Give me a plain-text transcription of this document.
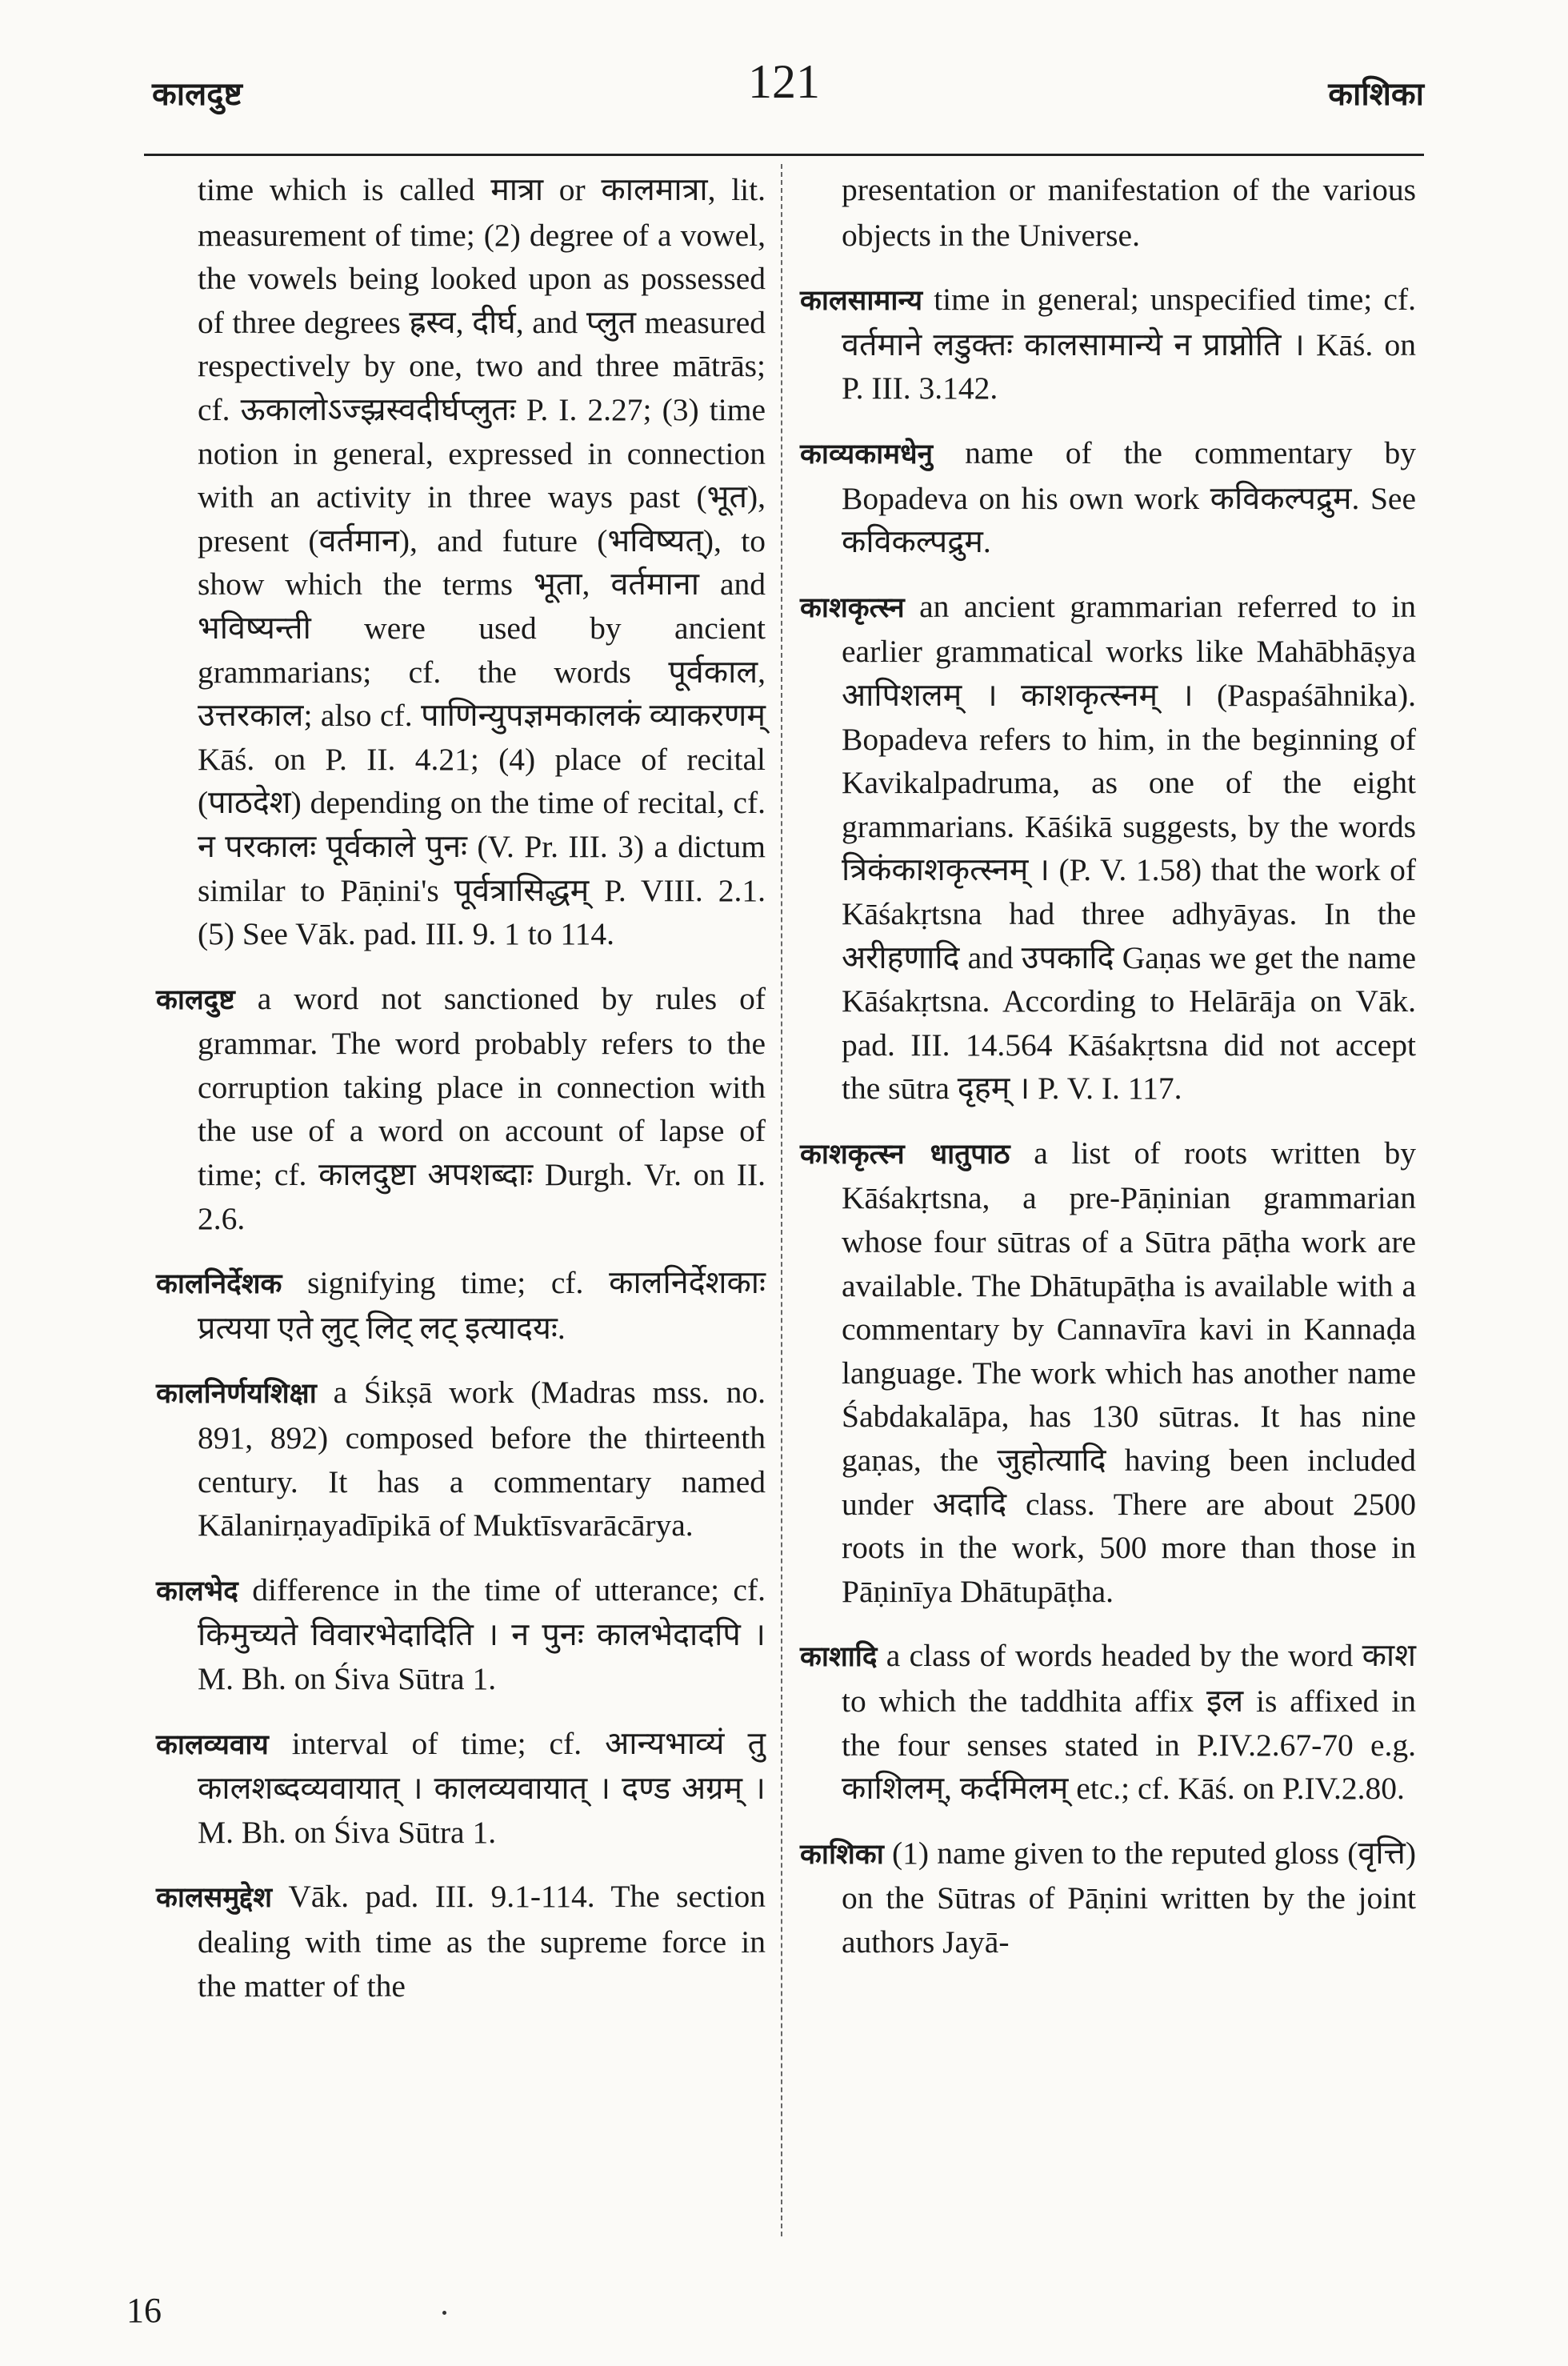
कालदुष्ट	121	काशिका

time which is called मात्रा or कालमात्रा, lit. measurement of time; (2) degree of a vowel, the vowels being looked upon as possessed of three degrees ह्रस्व, दीर्घ, and प्लुत measured respectively by one, two and three mātrās; cf. ऊकालोऽज्झ्रस्वदीर्घप्लुतः P. I. 2.27; (3) time notion in general, expressed in connection with an activity in three ways past (भूत), present (वर्तमान), and future (भविष्यत्), to show which the terms भूता, वर्तमाना and भविष्यन्ती were used by ancient grammarians; cf. the words पूर्वकाल, उत्तरकाल; also cf. पाणिन्युपज्ञमकालकं व्याकरणम् Kāś. on P. II. 4.21; (4) place of recital (पाठदेश) depending on the time of recital, cf. न परकालः पूर्वकाले पुनः (V. Pr. III. 3) a dictum similar to Pāṇini's पूर्वत्रासिद्धम् P. VIII. 2.1. (5) See Vāk. pad. III. 9. 1 to 114.

कालदुष्ट a word not sanctioned by rules of grammar. The word probably refers to the corruption taking place in connection with the use of a word on account of lapse of time; cf. कालदुष्टा अपशब्दाः Durgh. Vr. on II. 2.6.

कालनिर्देशक signifying time; cf. कालनिर्देशकाः प्रत्यया एते लुट् लिट् लट् इत्यादयः.

कालनिर्णयशिक्षा a Śikṣā work (Madras mss. no. 891, 892) composed before the thirteenth century. It has a commentary named Kālanirṇayadīpikā of Muktīsvarācārya.

कालभेद difference in the time of utterance; cf. किमुच्यते विवारभेदादिति । न पुनः कालभेदादपि । M. Bh. on Śiva Sūtra 1.

कालव्यवाय interval of time; cf. आन्यभाव्यं तु कालशब्दव्यवायात् । कालव्यवायात् । दण्ड अग्रम् । M. Bh. on Śiva Sūtra 1.

कालसमुद्देश Vāk. pad. III. 9.1-114. The section dealing with time as the supreme force in the matter of the

presentation or manifestation of the various objects in the Universe.

कालसामान्य time in general; unspecified time; cf. वर्तमाने लडुक्तः कालसामान्ये न प्राप्नोति । Kāś. on P. III. 3.142.

काव्यकामधेनु name of the commentary by Bopadeva on his own work कविकल्पद्रुम. See कविकल्पद्रुम.

काशकृत्स्न an ancient grammarian referred to in earlier grammatical works like Mahābhāṣya आपिशलम् । काशकृत्स्नम् । (Paspaśāhnika). Bopadeva refers to him, in the beginning of Kavikalpadruma, as one of the eight grammarians. Kāśikā suggests, by the words त्रिकंकाशकृत्स्नम् । (P. V. 1.58) that the work of Kāśakṛtsna had three adhyāyas. In the अरीहणादि and उपकादि Gaṇas we get the name Kāśakṛtsna. According to Helārāja on Vāk. pad. III. 14.564 Kāśakṛtsna did not accept the sūtra दृहम् । P. V. I. 117.

काशकृत्स्न धातुपाठ a list of roots written by Kāśakṛtsna, a pre-Pāṇinian grammarian whose four sūtras of a Sūtra pāṭha work are available. The Dhātupāṭha is available with a commentary by Cannavīra kavi in Kannaḍa language. The work which has another name Śabdakalāpa, has 130 sūtras. It has nine gaṇas, the जुहोत्यादि having been included under अदादि class. There are about 2500 roots in the work, 500 more than those in Pāṇinīya Dhātupāṭha.

काशादि a class of words headed by the word काश to which the taddhita affix इल is affixed in the four senses stated in P.IV.2.67-70 e.g. काशिलम्, कर्दमिलम् etc.; cf. Kāś. on P.IV.2.80.

काशिका (1) name given to the reputed gloss (वृत्ति) on the Sūtras of Pāṇini written by the joint authors Jayā-

16
